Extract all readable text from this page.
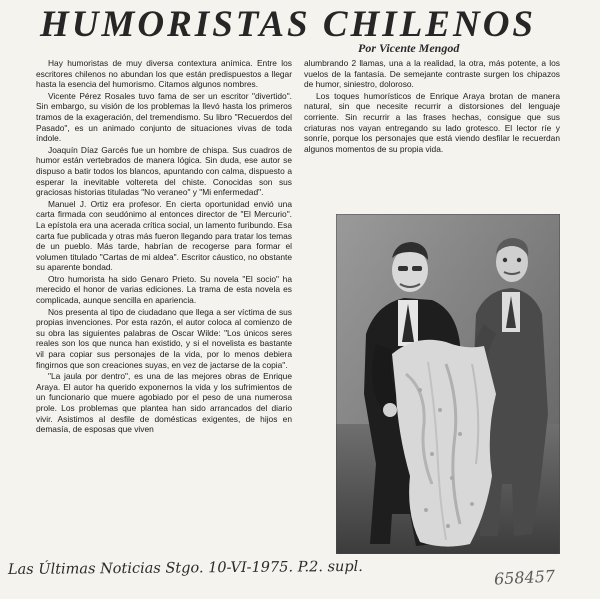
HUMORISTAS CHILENOS
Por Vicente Mengod

Hay humoristas de muy diversa contextura anímica. Entre los escritores chilenos no abundan los que están predispuestos a llegar hasta la esencia del humorismo. Citamos algunos nombres.

Vicente Pérez Rosales tuvo fama de ser un escritor "divertido". Sin embargo, su visión de los problemas la llevó hasta los primeros tramos de la exageración, del tremendismo. Su libro "Recuerdos del Pasado", es un animado conjunto de situaciones vivas de toda índole.

Joaquín Díaz Garcés fue un hombre de chispa. Sus cuadros de humor están vertebrados de manera lógica. Sin duda, ese autor se dispuso a batir todos los blancos, apuntando con calma, dispuesto a esperar la inevitable voltereta del chiste. Conocidas son sus graciosas historias tituladas "No veraneo" y "Mi enfermedad".

Manuel J. Ortiz era profesor. En cierta oportunidad envió una carta firmada con seudónimo al entonces director de "El Mercurio". La epístola era una acerada crítica social, un lamento furibundo. Esa carta fue publicada y otras más fueron llegando para tratar los temas de un pueblo. Más tarde, habrían de recogerse para formar el volumen titulado "Cartas de mi aldea". Escritor cáustico, no obstante su aparente bondad.

Otro humorista ha sido Genaro Prieto. Su novela "El socio" ha merecido el honor de varias ediciones. La trama de esta novela es complicada, aunque sencilla en apariencia.

Nos presenta al tipo de ciudadano que llega a ser víctima de sus propias invenciones. Por esta razón, el autor coloca al comienzo de su obra las siguientes palabras de Oscar Wilde: "Los únicos seres reales son los que nunca han existido, y si el novelista es bastante vil para copiar sus personajes de la vida, por lo menos debiera fingirnos que son creaciones suyas, en vez de jactarse de la copia".

"La jaula por dentro", es una de las mejores obras de Enrique Araya. El autor ha querido exponernos la vida y los sufrimientos de un funcionario que muere agobiado por el peso de una numerosa prole. Los problemas que plantea han sido arrancados del diario vivir. Asistimos al desfile de domésticas exigentes, de hijos en demasía, de esposas que viven

alumbrando 2 llamas, una a la realidad, la otra, más potente, a los vuelos de la fantasía. De semejante contraste surgen los chipazos de humor, siniestro, doloroso.

Los toques humorísticos de Enrique Araya brotan de manera natural, sin que necesite recurrir a distorsiones del lenguaje corriente. Sin recurrir a las frases hechas, consigue que sus criaturas nos vayan entregando su lado grotesco. El lector ríe y sonríe, porque los personajes que está viendo desfilar le recuerdan algunos momentos de su propia vida.

Las Últimas Noticias Stgo. 10-VI-1975. P.2. supl.	658457
